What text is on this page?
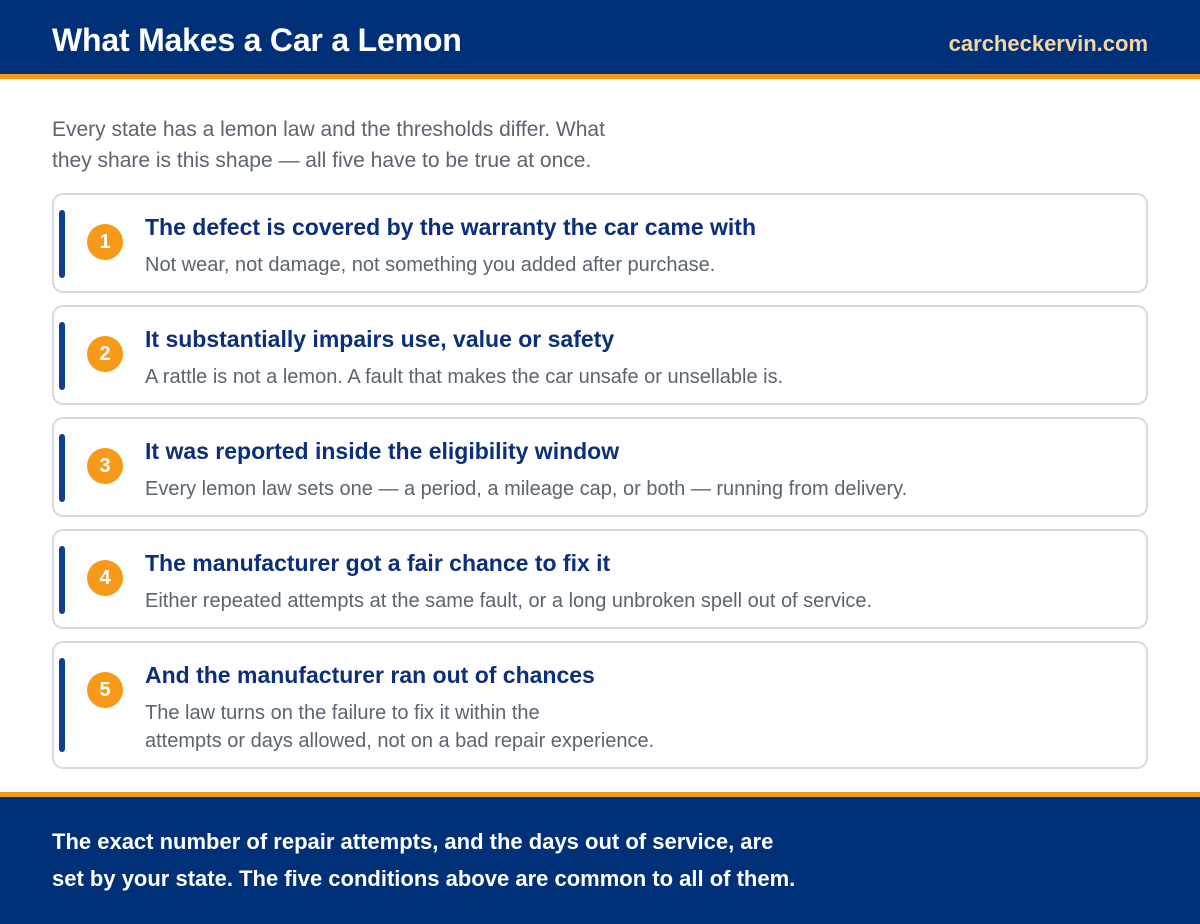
What Makes a Car a Lemon	carcheckervin.com
Every state has a lemon law and the thresholds differ. What
they share is this shape — all five have to be true at once.
1
The defect is covered by the warranty the car came with
Not wear, not damage, not something you added after purchase.
2
It substantially impairs use, value or safety
A rattle is not a lemon. A fault that makes the car unsafe or unsellable is.
3
It was reported inside the eligibility window
Every lemon law sets one — a period, a mileage cap, or both — running from delivery.
4
The manufacturer got a fair chance to fix it
Either repeated attempts at the same fault, or a long unbroken spell out of service.
5
And the manufacturer ran out of chances
The law turns on the failure to fix it within the
attempts or days allowed, not on a bad repair experience.
The exact number of repair attempts, and the days out of service, are
set by your state. The five conditions above are common to all of them.
